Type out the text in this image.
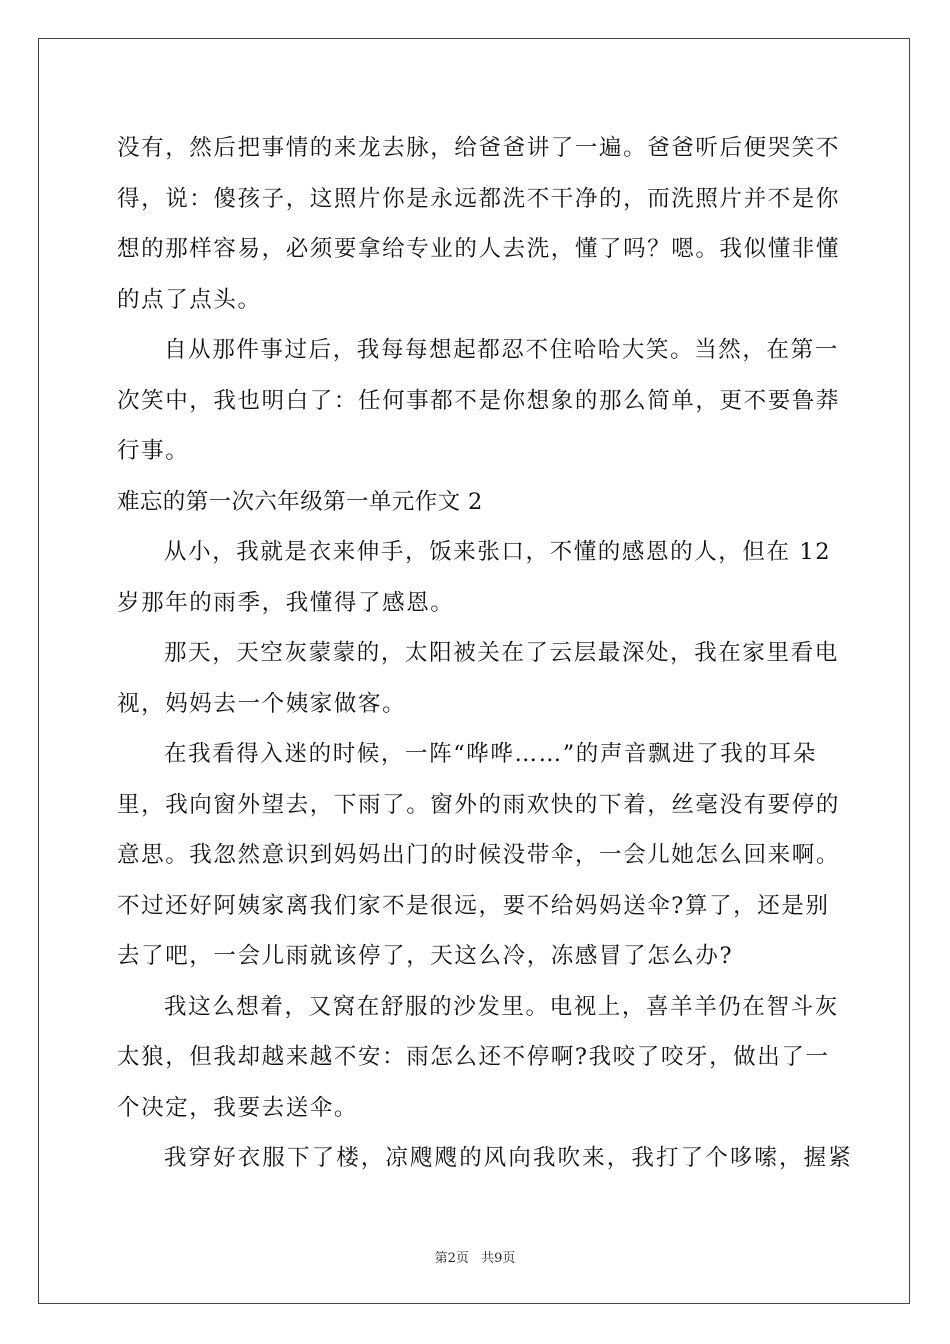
没有，然后把事情的来龙去脉，给爸爸讲了一遍。爸爸听后便哭笑不
得，说：傻孩子，这照片你是永远都洗不干净的，而洗照片并不是你
想的那样容易，必须要拿给专业的人去洗，懂了吗？嗯。我似懂非懂
的点了点头。
自从那件事过后，我每每想起都忍不住哈哈大笑。当然，在第一
次笑中，我也明白了：任何事都不是你想象的那么简单，更不要鲁莽
行事。
难忘的第一次六年级第一单元作文 2
从小，我就是衣来伸手，饭来张口，不懂的感恩的人，但在 12
岁那年的雨季，我懂得了感恩。
那天，天空灰蒙蒙的，太阳被关在了云层最深处，我在家里看电
视，妈妈去一个姨家做客。
在我看得入迷的时候，一阵“哗哗……”的声音飘进了我的耳朵
里，我向窗外望去，下雨了。窗外的雨欢快的下着，丝毫没有要停的
意思。我忽然意识到妈妈出门的时候没带伞，一会儿她怎么回来啊。
不过还好阿姨家离我们家不是很远，要不给妈妈送伞?算了，还是别
去了吧，一会儿雨就该停了，天这么冷，冻感冒了怎么办?
我这么想着，又窝在舒服的沙发里。电视上，喜羊羊仍在智斗灰
太狼，但我却越来越不安：雨怎么还不停啊?我咬了咬牙，做出了一
个决定，我要去送伞。
我穿好衣服下了楼，凉飕飕的风向我吹来，我打了个哆嗦，握紧
第2页 共9页
